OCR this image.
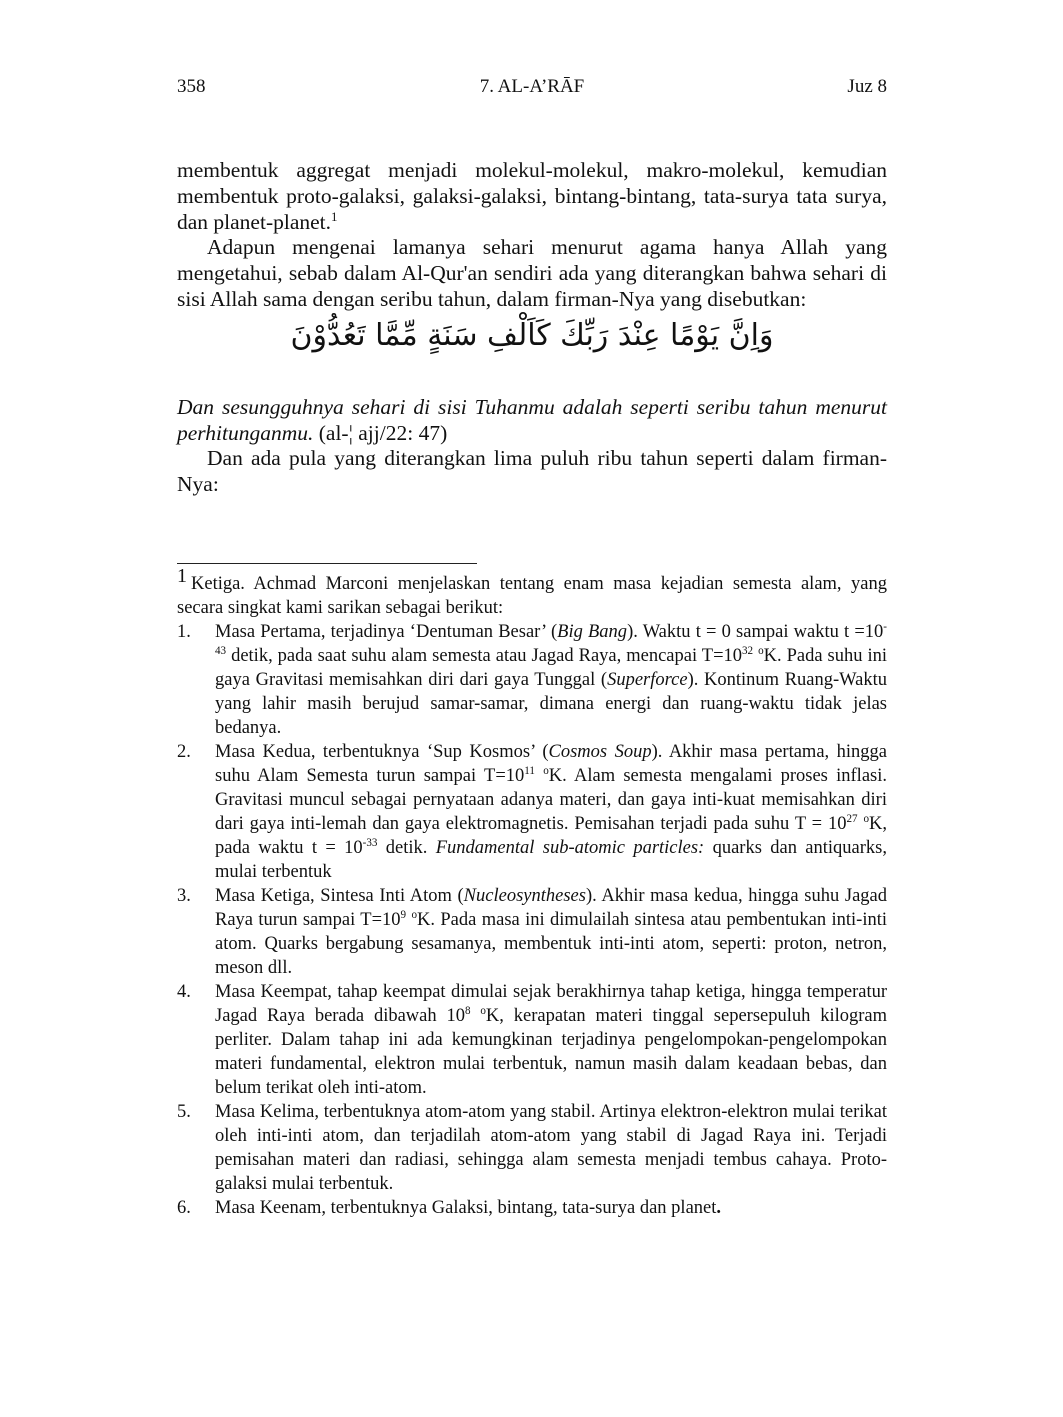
358	7. AL-A’RĀF	Juz 8

membentuk aggregat menjadi molekul-molekul, makro-molekul, kemudian membentuk proto-galaksi, galaksi-galaksi, bintang-bintang, tata-surya tata surya, dan planet-planet.$^1$

Adapun mengenai lamanya sehari menurut agama hanya Allah yang mengetahui, sebab dalam Al-Qur'an sendiri ada yang diterangkan bahwa sehari di sisi Allah sama dengan seribu tahun, dalam firman-Nya yang disebutkan:

وَاِنَّ يَوْمًا عِنْدَ رَبِّكَ كَاَلْفِ سَنَةٍ مِّمَّا تَعُدُّوْنَ

Dan sesungguhnya sehari di sisi Tuhanmu adalah seperti seribu tahun menurut perhitunganmu. (al-¦ ajj/22: 47)

Dan ada pula yang diterangkan lima puluh ribu tahun seperti dalam firman-Nya:

1 Ketiga. Achmad Marconi menjelaskan tentang enam masa kejadian semesta alam, yang secara singkat kami sarikan sebagai berikut:

1. Masa Pertama, terjadinya ‘Dentuman Besar’ (Big Bang). Waktu t = 0 sampai waktu $t =10^{-43}$ detik, pada saat suhu alam semesta atau Jagad Raya, mencapai $T=10^{32}$ $^o$K. Pada suhu ini gaya Gravitasi memisahkan diri dari gaya Tunggal (Superforce). Kontinum Ruang-Waktu yang lahir masih berujud samar-samar, dimana energi dan ruang-waktu tidak jelas bedanya.
2. Masa Kedua, terbentuknya ‘Sup Kosmos’ (Cosmos Soup). Akhir masa pertama, hingga suhu Alam Semesta turun sampai $T=10^{11}$ $^o$K. Alam semesta mengalami proses inflasi. Gravitasi muncul sebagai pernyataan adanya materi, dan gaya inti-kuat memisahkan diri dari gaya inti-lemah dan gaya elektromagnetis. Pemisahan terjadi pada suhu $T = 10^{27}$ $^o$K, pada waktu $t = 10^{-33}$ detik. Fundamental sub-atomic particles: quarks dan antiquarks, mulai terbentuk
3. Masa Ketiga, Sintesa Inti Atom (Nucleosyntheses). Akhir masa kedua, hingga suhu Jagad Raya turun sampai $T=10^9$ $^o$K. Pada masa ini dimulailah sintesa atau pembentukan inti-inti atom. Quarks bergabung sesamanya, membentuk inti-inti atom, seperti: proton, netron, meson dll.
4. Masa Keempat, tahap keempat dimulai sejak berakhirnya tahap ketiga, hingga temperatur Jagad Raya berada dibawah $10^8$ $^o$K, kerapatan materi tinggal sepersepuluh kilogram perliter. Dalam tahap ini ada kemungkinan terjadinya pengelompokan-pengelompokan materi fundamental, elektron mulai terbentuk, namun masih dalam keadaan bebas, dan belum terikat oleh inti-atom.
5. Masa Kelima, terbentuknya atom-atom yang stabil. Artinya elektron-elektron mulai terikat oleh inti-inti atom, dan terjadilah atom-atom yang stabil di Jagad Raya ini. Terjadi pemisahan materi dan radiasi, sehingga alam semesta menjadi tembus cahaya. Proto-galaksi mulai terbentuk.
6. Masa Keenam, terbentuknya Galaksi, bintang, tata-surya dan planet.
